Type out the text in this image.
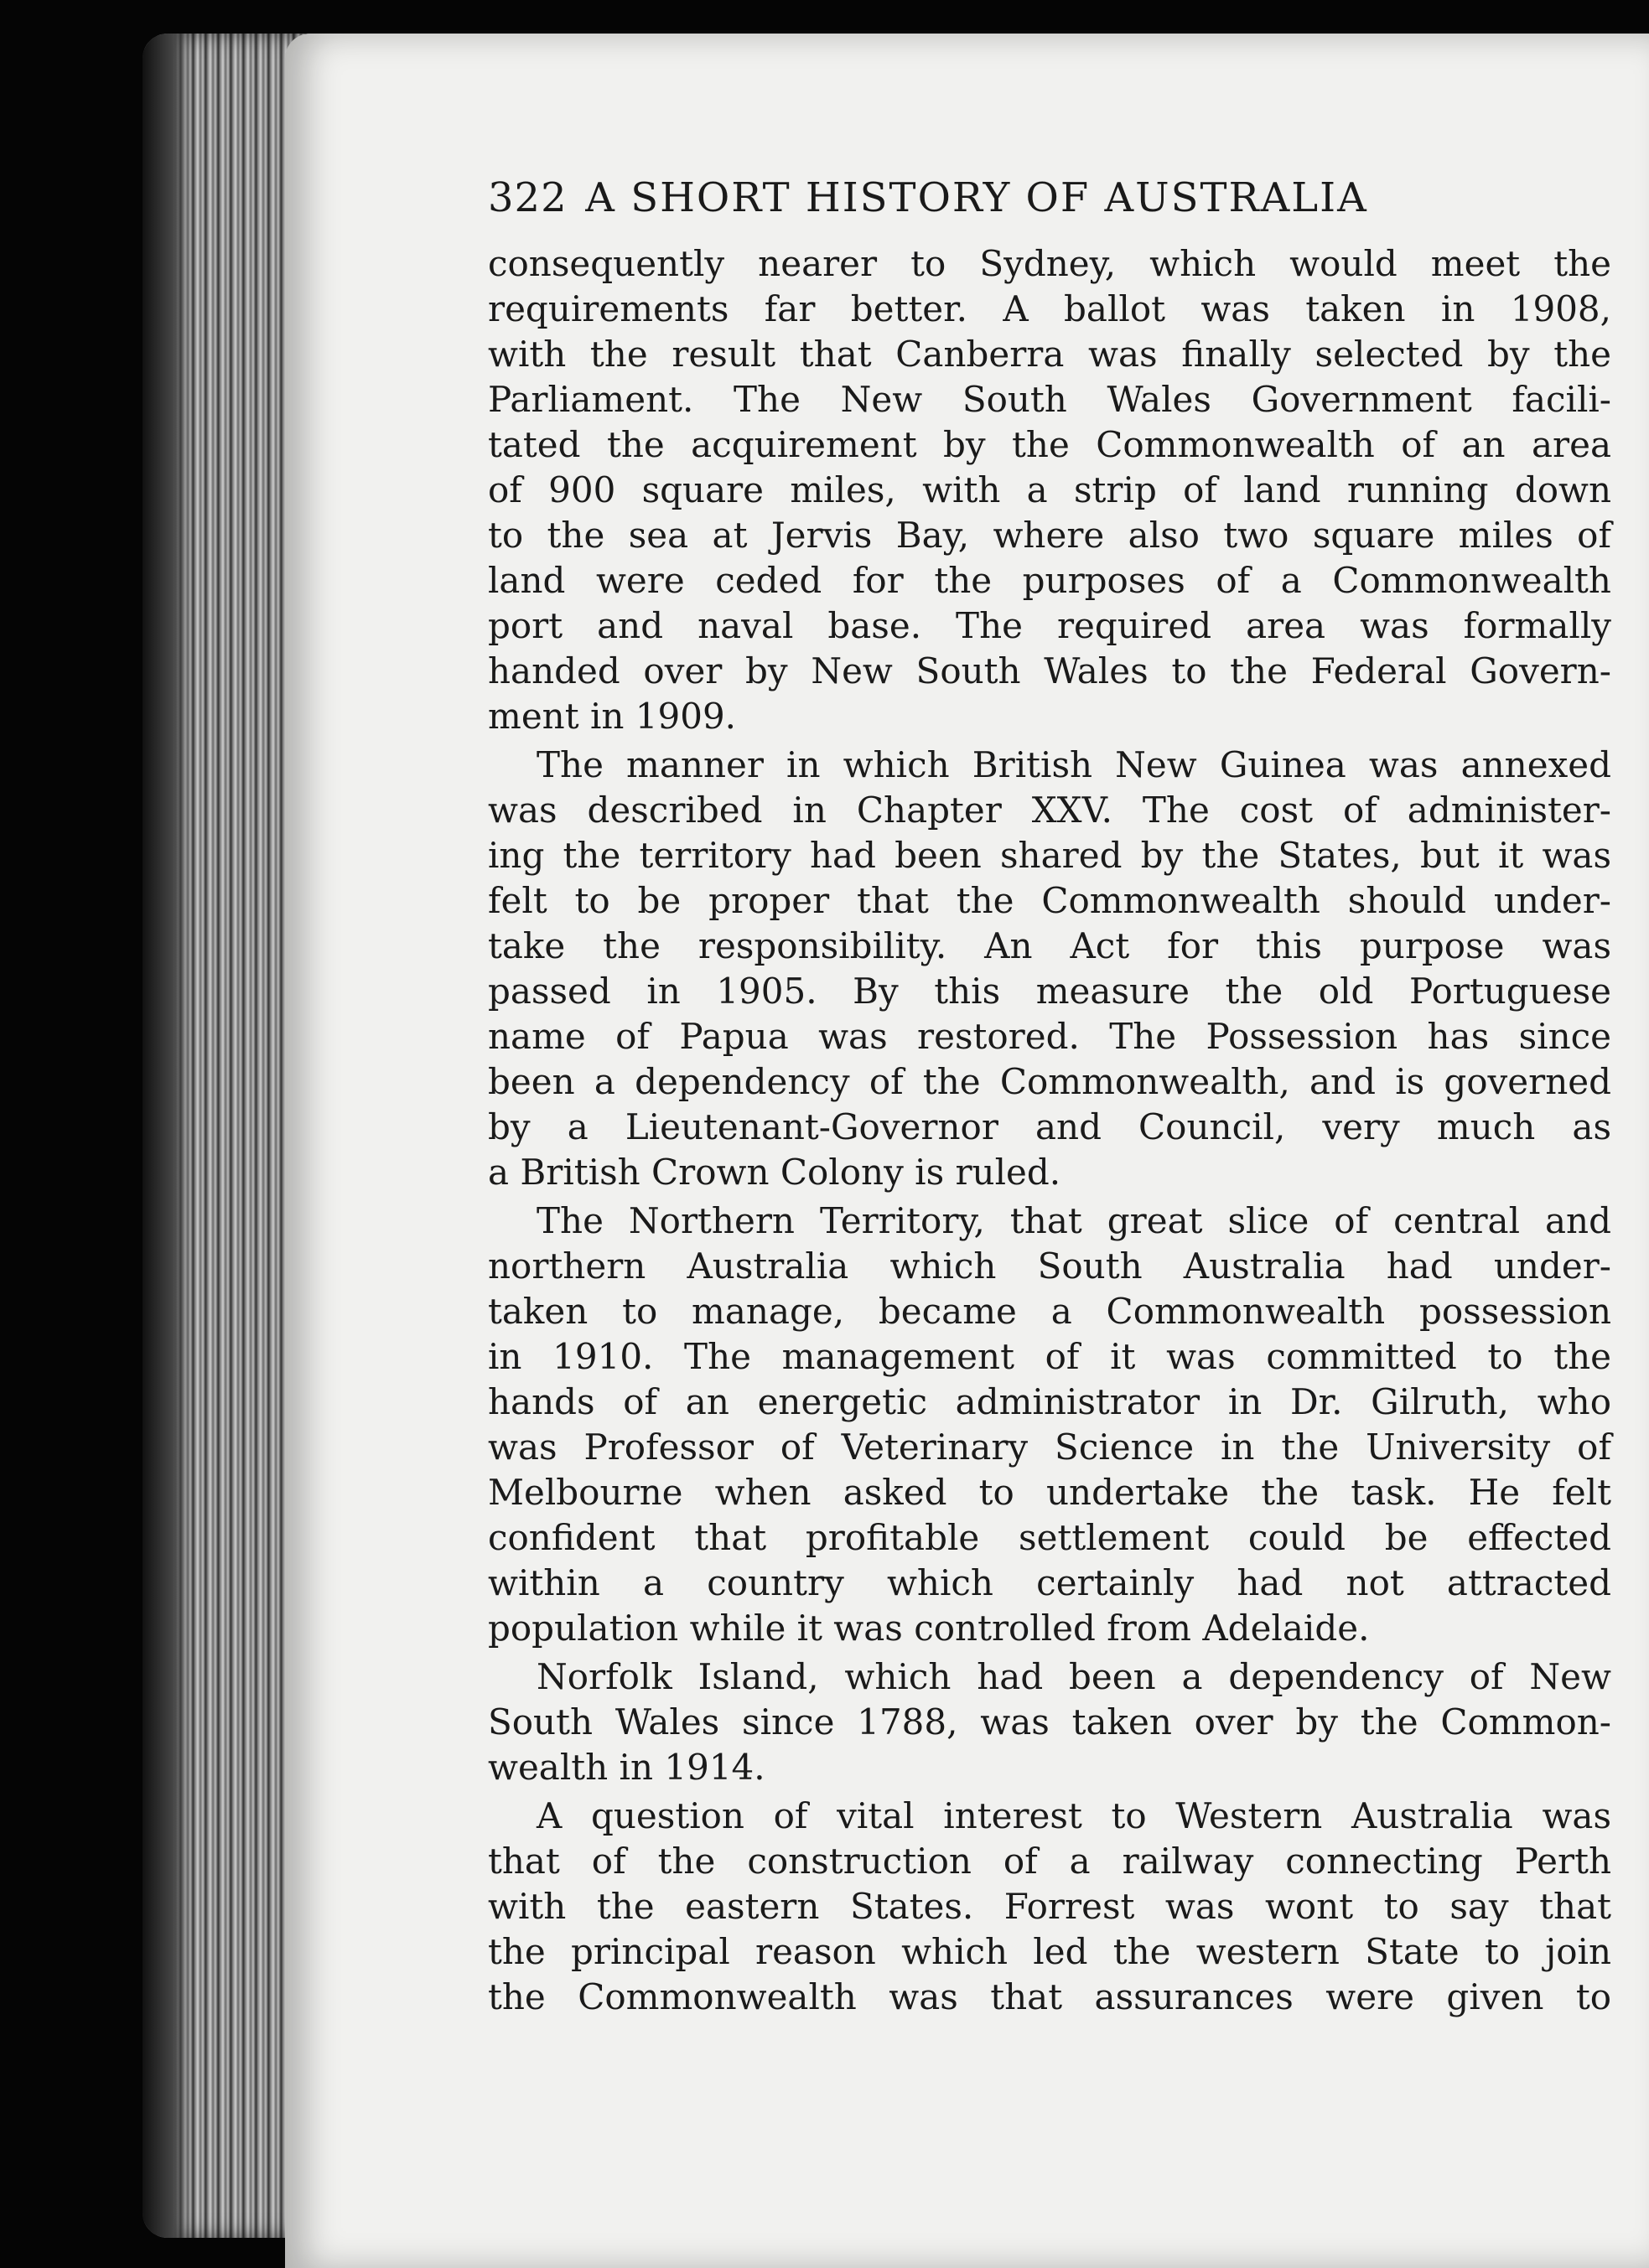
322 A SHORT HISTORY OF AUSTRALIA
consequently nearer to Sydney, which would meet the
requirements far better. A ballot was taken in 1908,
with the result that Canberra was finally selected by the
Parliament. The New South Wales Government facili-
tated the acquirement by the Commonwealth of an area
of 900 square miles, with a strip of land running down
to the sea at Jervis Bay, where also two square miles of
land were ceded for the purposes of a Commonwealth
port and naval base. The required area was formally
handed over by New South Wales to the Federal Govern-
ment in 1909.
The manner in which British New Guinea was annexed
was described in Chapter XXV. The cost of administer-
ing the territory had been shared by the States, but it was
felt to be proper that the Commonwealth should under-
take the responsibility. An Act for this purpose was
passed in 1905. By this measure the old Portuguese
name of Papua was restored. The Possession has since
been a dependency of the Commonwealth, and is governed
by a Lieutenant-Governor and Council, very much as
a British Crown Colony is ruled.
The Northern Territory, that great slice of central and
northern Australia which South Australia had under-
taken to manage, became a Commonwealth possession
in 1910. The management of it was committed to the
hands of an energetic administrator in Dr. Gilruth, who
was Professor of Veterinary Science in the University of
Melbourne when asked to undertake the task. He felt
confident that profitable settlement could be effected
within a country which certainly had not attracted
population while it was controlled from Adelaide.
Norfolk Island, which had been a dependency of New
South Wales since 1788, was taken over by the Common-
wealth in 1914.
A question of vital interest to Western Australia was
that of the construction of a railway connecting Perth
with the eastern States. Forrest was wont to say that
the principal reason which led the western State to join
the Commonwealth was that assurances were given to
